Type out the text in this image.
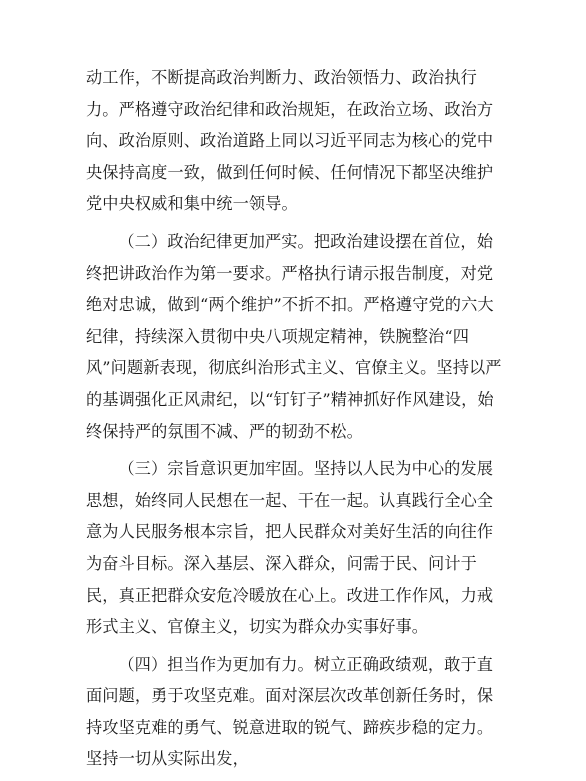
动工作，不断提高政治判断力、政治领悟力、政治执行力。严格遵守政治纪律和政治规矩，在政治立场、政治方向、政治原则、政治道路上同以习近平同志为核心的党中央保持高度一致，做到任何时候、任何情况下都坚决维护党中央权威和集中统一领导。

（二）政治纪律更加严实。把政治建设摆在首位，始终把讲政治作为第一要求。严格执行请示报告制度，对党绝对忠诚，做到“两个维护”不折不扣。严格遵守党的六大纪律，持续深入贯彻中央八项规定精神，铁腕整治“四风”问题新表现，彻底纠治形式主义、官僚主义。坚持以严的基调强化正风肃纪，以“钉钉子”精神抓好作风建设，始终保持严的氛围不减、严的韧劲不松。

（三）宗旨意识更加牢固。坚持以人民为中心的发展思想，始终同人民想在一起、干在一起。认真践行全心全意为人民服务根本宗旨，把人民群众对美好生活的向往作为奋斗目标。深入基层、深入群众，问需于民、问计于民，真正把群众安危冷暖放在心上。改进工作作风，力戒形式主义、官僚主义，切实为群众办实事好事。

（四）担当作为更加有力。树立正确政绩观，敢于直面问题，勇于攻坚克难。面对深层次改革创新任务时，保持攻坚克难的勇气、锐意进取的锐气、蹄疾步稳的定力。坚持一切从实际出发，
